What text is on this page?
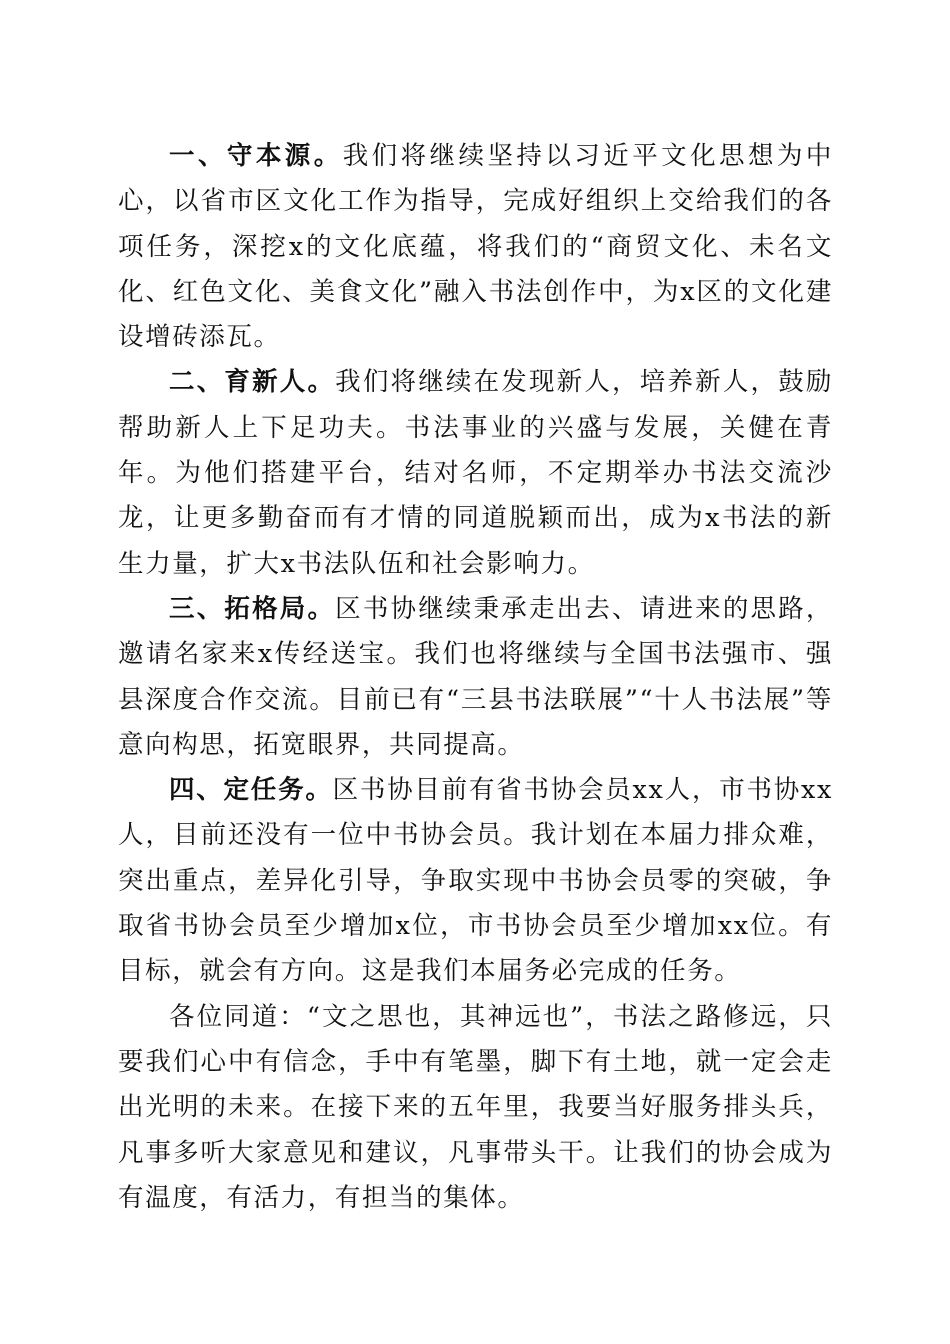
一、守本源。我们将继续坚持以习近平文化思想为中心，以省市区文化工作为指导，完成好组织上交给我们的各项任务，深挖x的文化底蕴，将我们的“商贸文化、未名文化、红色文化、美食文化”融入书法创作中，为x区的文化建设增砖添瓦。

二、育新人。我们将继续在发现新人，培养新人，鼓励帮助新人上下足功夫。书法事业的兴盛与发展，关健在青年。为他们搭建平台，结对名师，不定期举办书法交流沙龙，让更多勤奋而有才情的同道脱颖而出，成为x书法的新生力量，扩大x书法队伍和社会影响力。

三、拓格局。区书协继续秉承走出去、请进来的思路，邀请名家来x传经送宝。我们也将继续与全国书法强市、强县深度合作交流。目前已有“三县书法联展”“十人书法展”等意向构思，拓宽眼界，共同提高。

四、定任务。区书协目前有省书协会员xx人，市书协xx人，目前还没有一位中书协会员。我计划在本届力排众难，突出重点，差异化引导，争取实现中书协会员零的突破，争取省书协会员至少增加x位，市书协会员至少增加xx位。有目标，就会有方向。这是我们本届务必完成的任务。

各位同道：“文之思也，其神远也”，书法之路修远，只要我们心中有信念，手中有笔墨，脚下有土地，就一定会走出光明的未来。在接下来的五年里，我要当好服务排头兵，凡事多听大家意见和建议，凡事带头干。让我们的协会成为有温度，有活力，有担当的集体。
